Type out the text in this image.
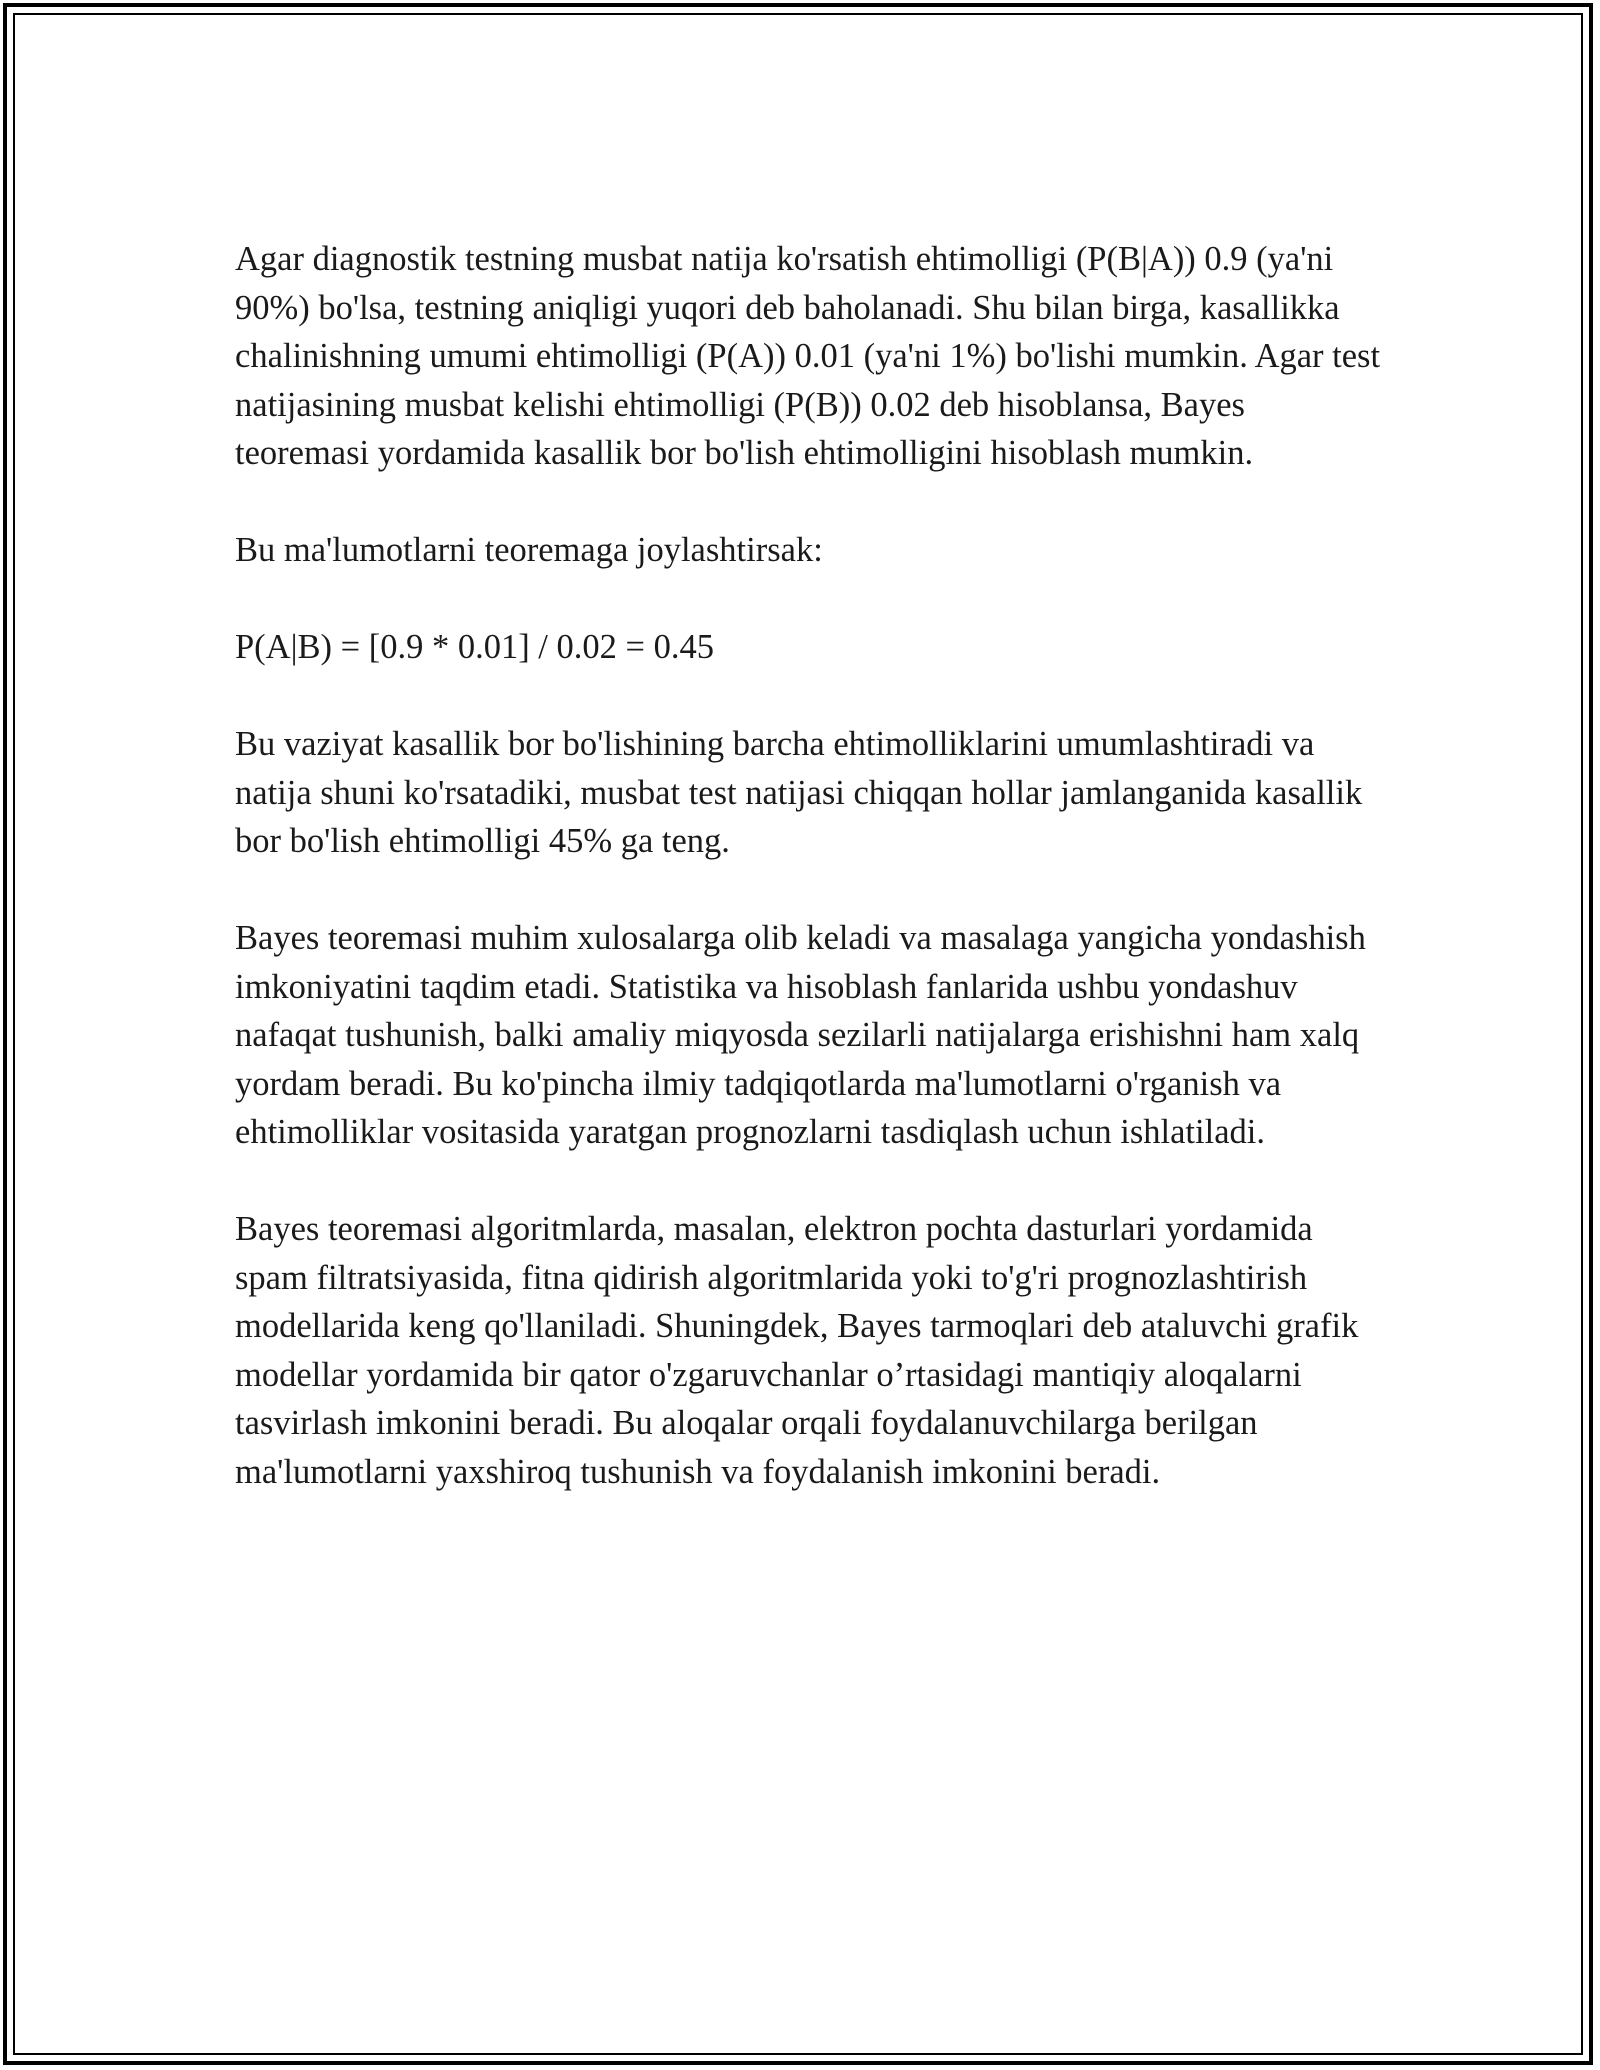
Agar diagnostik testning musbat natija ko'rsatish ehtimolligi (P(B|A)) 0.9 (ya'ni 90%) bo'lsa, testning aniqligi yuqori deb baholanadi. Shu bilan birga, kasallikka chalinishning umumi ehtimolligi (P(A)) 0.01 (ya'ni 1%) bo'lishi mumkin. Agar test natijasining musbat kelishi ehtimolligi (P(B)) 0.02 deb hisoblansa, Bayes teoremasi yordamida kasallik bor bo'lish ehtimolligini hisoblash mumkin.

Bu ma'lumotlarni teoremaga joylashtirsak:

P(A|B) = [0.9 * 0.01] / 0.02 = 0.45

Bu vaziyat kasallik bor bo'lishining barcha ehtimolliklarini umumlashtiradi va natija shuni ko'rsatadiki, musbat test natijasi chiqqan hollar jamlanganida kasallik bor bo'lish ehtimolligi 45% ga teng.

Bayes teoremasi muhim xulosalarga olib keladi va masalaga yangicha yondashish imkoniyatini taqdim etadi. Statistika va hisoblash fanlarida ushbu yondashuv nafaqat tushunish, balki amaliy miqyosda sezilarli natijalarga erishishni ham xalq yordam beradi. Bu ko'pincha ilmiy tadqiqotlarda ma'lumotlarni o'rganish va ehtimolliklar vositasida yaratgan prognozlarni tasdiqlash uchun ishlatiladi.

Bayes teoremasi algoritmlarda, masalan, elektron pochta dasturlari yordamida spam filtratsiyasida, fitna qidirish algoritmlarida yoki to'g'ri prognozlashtirish modellarida keng qo'llaniladi. Shuningdek, Bayes tarmoqlari deb ataluvchi grafik modellar yordamida bir qator o'zgaruvchanlar o’rtasidagi mantiqiy aloqalarni tasvirlash imkonini beradi. Bu aloqalar orqali foydalanuvchilarga berilgan ma'lumotlarni yaxshiroq tushunish va foydalanish imkonini beradi.
